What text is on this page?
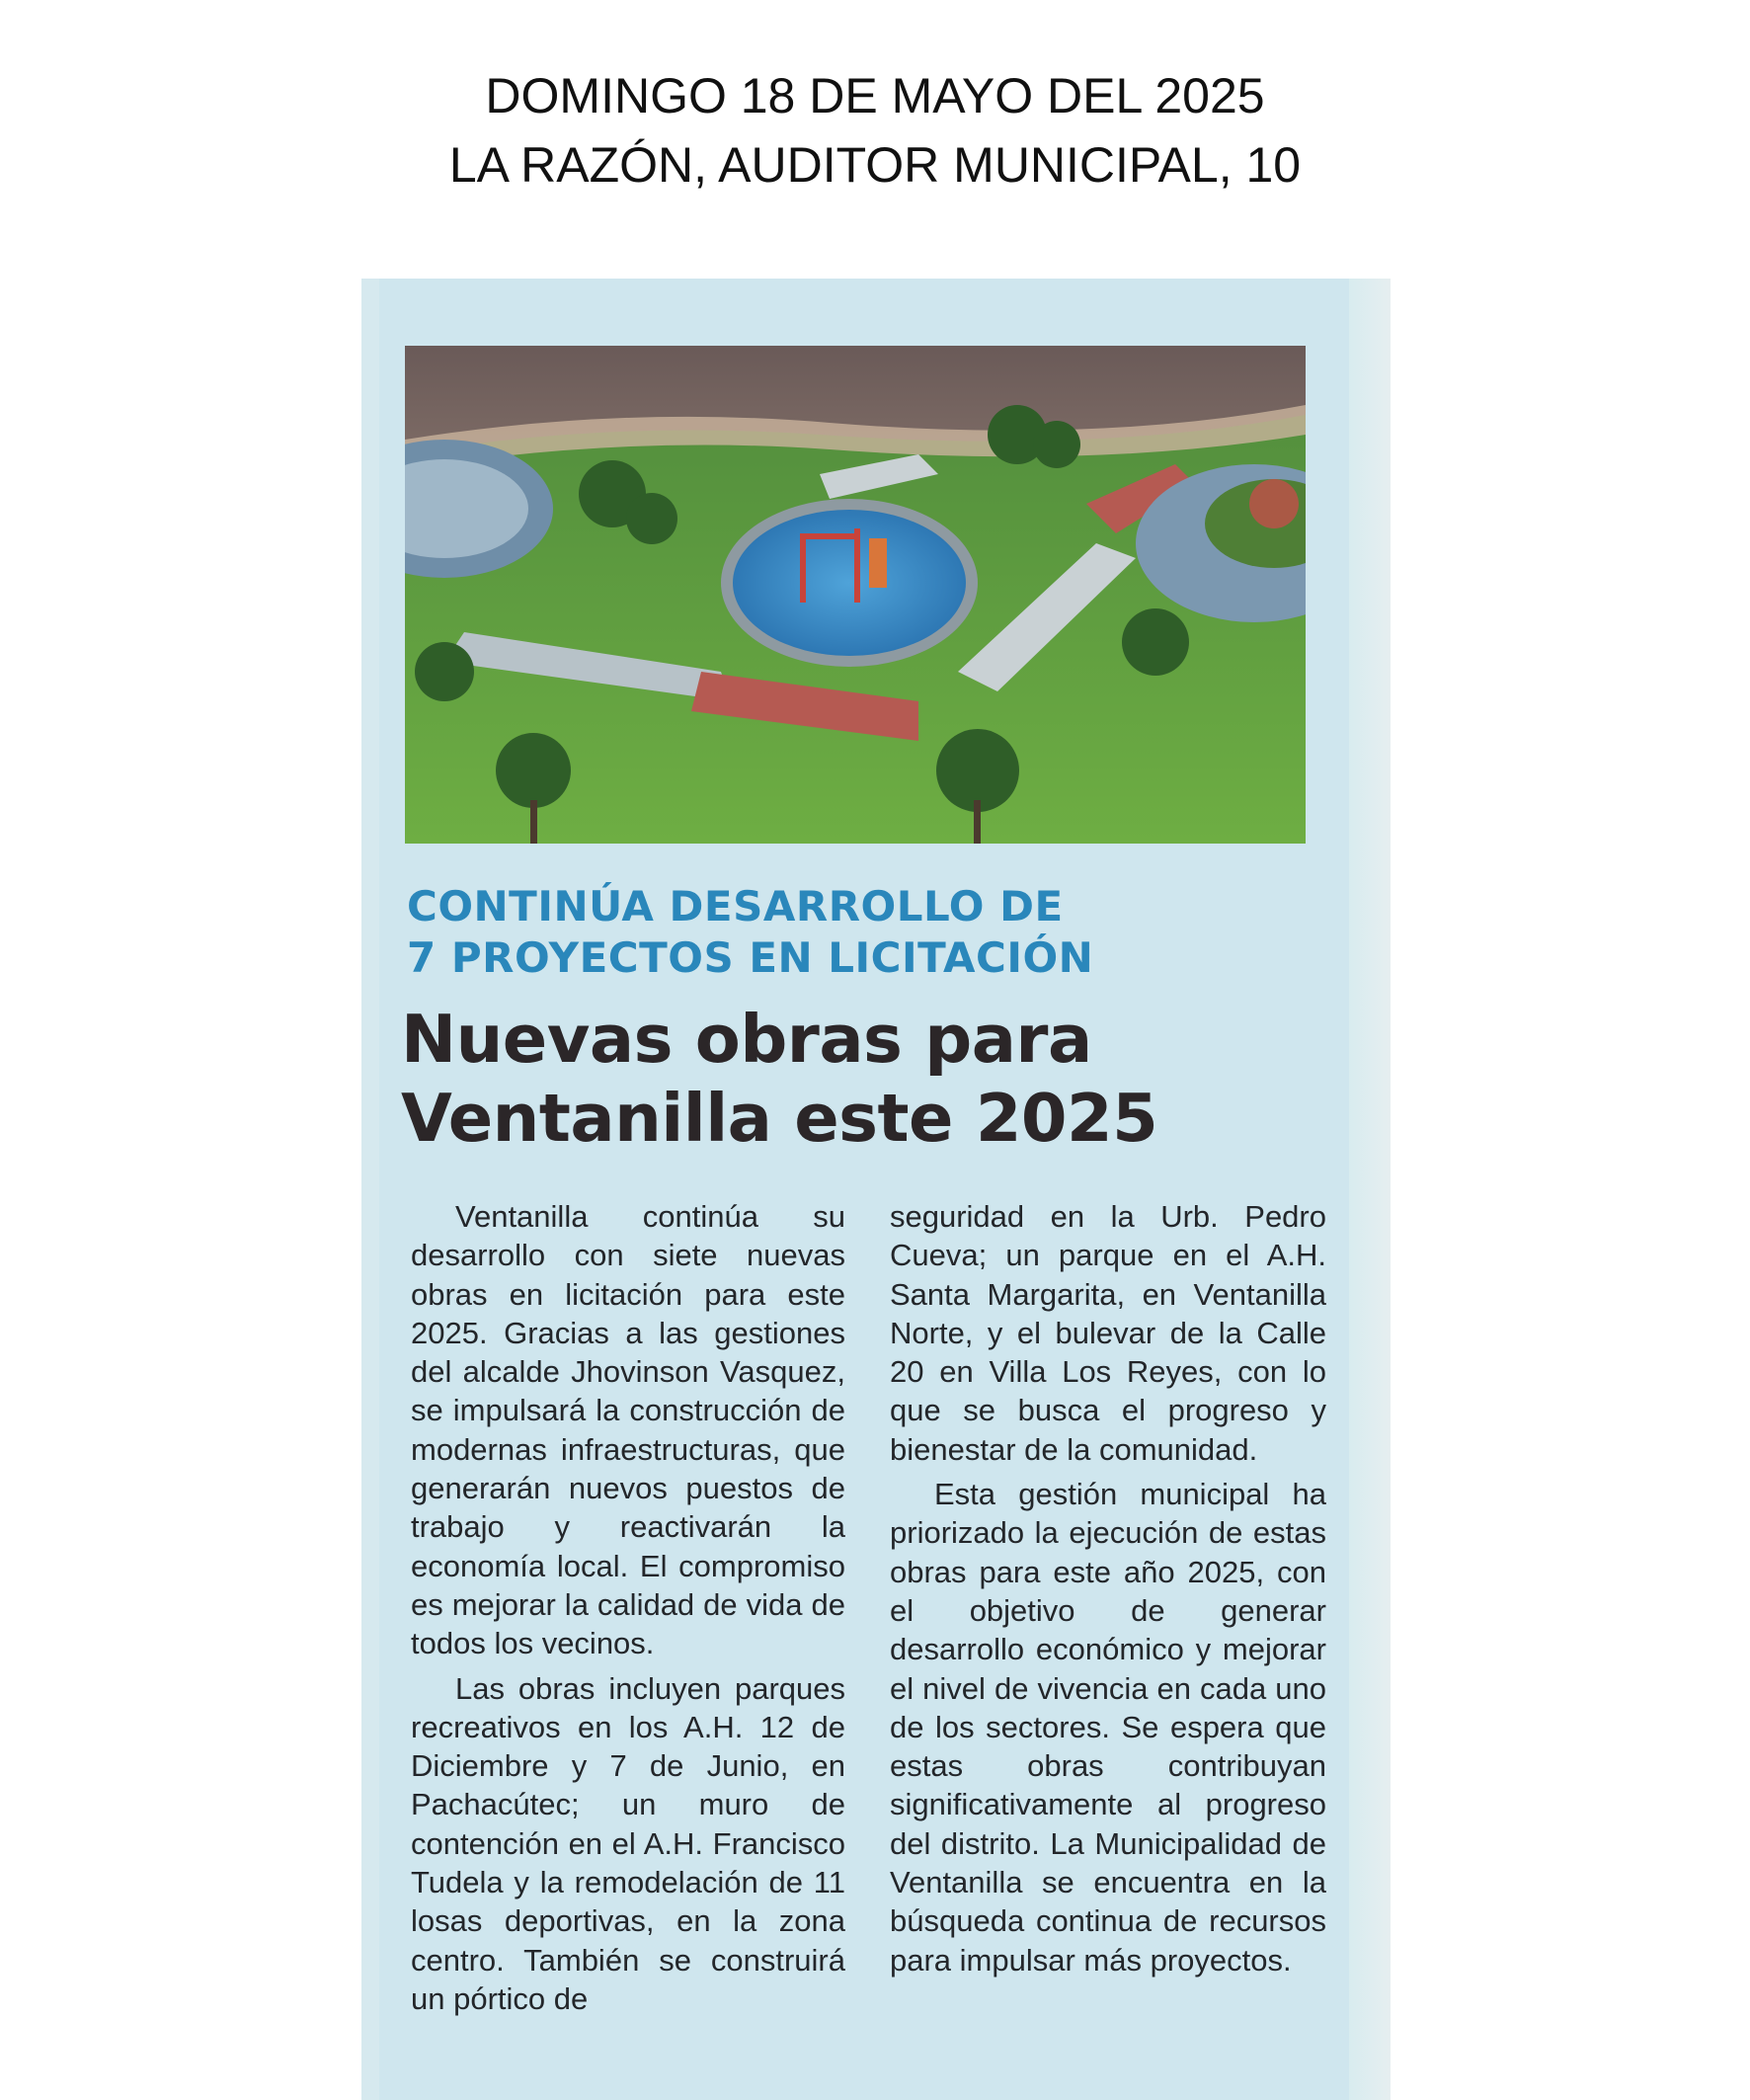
DOMINGO 18 DE MAYO DEL 2025
LA RAZÓN, AUDITOR MUNICIPAL, 10
CONTINÚA DESARROLLO DE
7 PROYECTOS EN LICITACIÓN
Nuevas obras para
Ventanilla este 2025

Ventanilla continúa su desarrollo con siete nuevas obras en licitación para este 2025. Gracias a las gestiones del alcalde Jhovinson Vasquez, se impulsará la construcción de modernas infraestructuras, que generarán nuevos puestos de trabajo y reactivarán la economía local. El compromiso es mejorar la calidad de vida de todos los vecinos.

Las obras incluyen parques recreativos en los A.H. 12 de Diciembre y 7 de Junio, en Pachacútec; un muro de contención en el A.H. Francisco Tudela y la remodelación de 11 losas deportivas, en la zona centro. También se construirá un pórtico de

seguridad en la Urb. Pedro Cueva; un parque en el A.H. Santa Margarita, en Ventanilla Norte, y el bulevar de la Calle 20 en Villa Los Reyes, con lo que se busca el progreso y bienestar de la comunidad.

Esta gestión municipal ha priorizado la ejecución de estas obras para este año 2025, con el objetivo de generar desarrollo económico y mejorar el nivel de vivencia en cada uno de los sectores. Se espera que estas obras contribuyan significativamente al progreso del distrito. La Municipalidad de Ventanilla se encuentra en la búsqueda continua de recursos para impulsar más proyectos.
